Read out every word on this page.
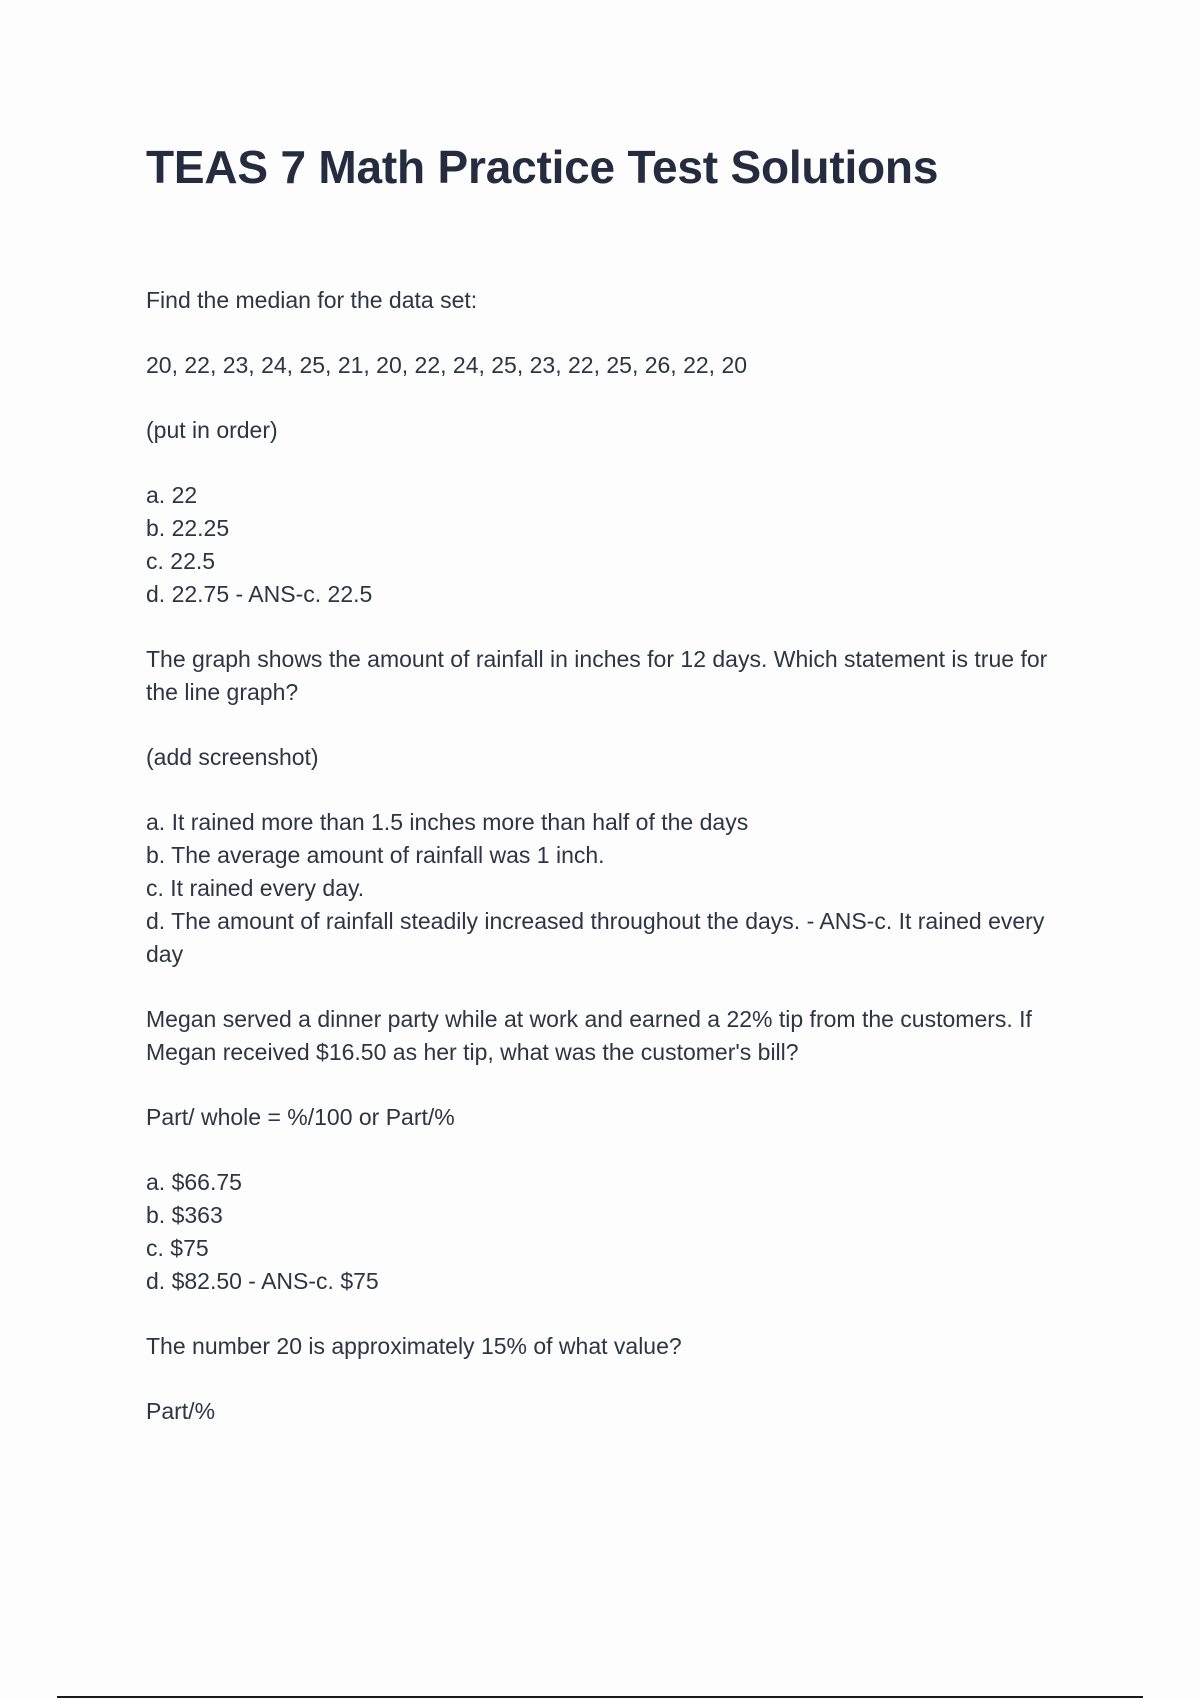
TEAS 7 Math Practice Test Solutions

Find the median for the data set:

20, 22, 23, 24, 25, 21, 20, 22, 24, 25, 23, 22, 25, 26, 22, 20

(put in order)

a. 22
b. 22.25
c. 22.5
d. 22.75 - ANS-c. 22.5

The graph shows the amount of rainfall in inches for 12 days. Which statement is true for the line graph?

(add screenshot)

a. It rained more than 1.5 inches more than half of the days
b. The average amount of rainfall was 1 inch.
c. It rained every day.
d. The amount of rainfall steadily increased throughout the days. - ANS-c. It rained every day

Megan served a dinner party while at work and earned a 22% tip from the customers. If Megan received $16.50 as her tip, what was the customer's bill?

Part/ whole = %/100 or Part/%

a. $66.75
b. $363
c. $75
d. $82.50 - ANS-c. $75

The number 20 is approximately 15% of what value?

Part/%
